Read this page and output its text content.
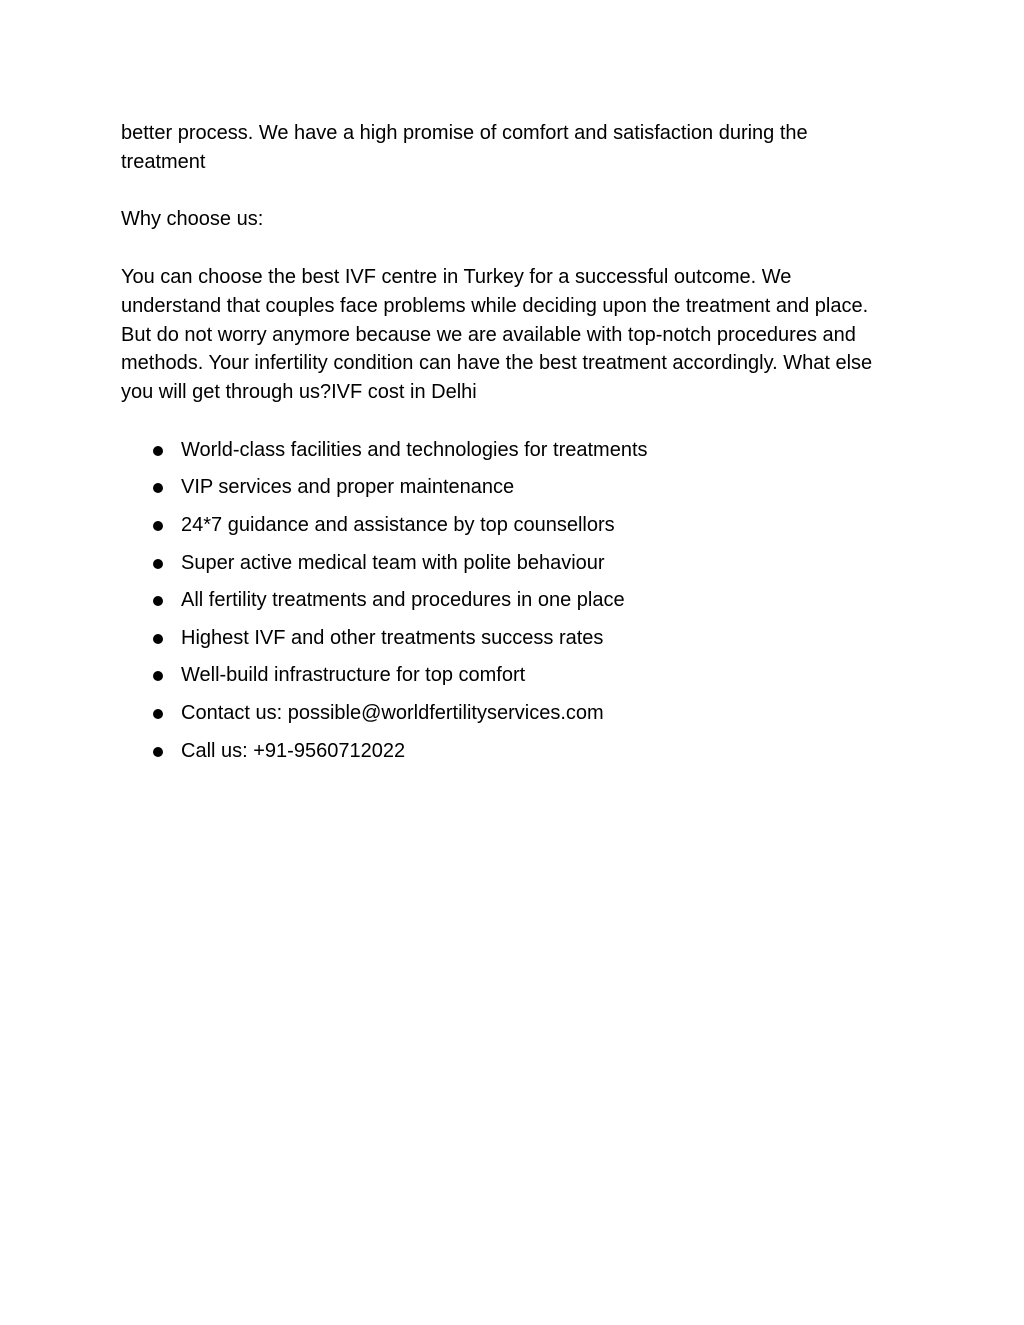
better process. We have a high promise of comfort and satisfaction during the treatment

Why choose us:

You can choose the best IVF centre in Turkey for a successful outcome. We understand that couples face problems while deciding upon the treatment and place. But do not worry anymore because we are available with top-notch procedures and methods. Your infertility condition can have the best treatment accordingly. What else you will get through us?IVF cost in Delhi

World-class facilities and technologies for treatments
VIP services and proper maintenance
24*7 guidance and assistance by top counsellors
Super active medical team with polite behaviour
All fertility treatments and procedures in one place
Highest IVF and other treatments success rates
Well-build infrastructure for top comfort
Contact us: possible@worldfertilityservices.com
Call us: +91-9560712022
